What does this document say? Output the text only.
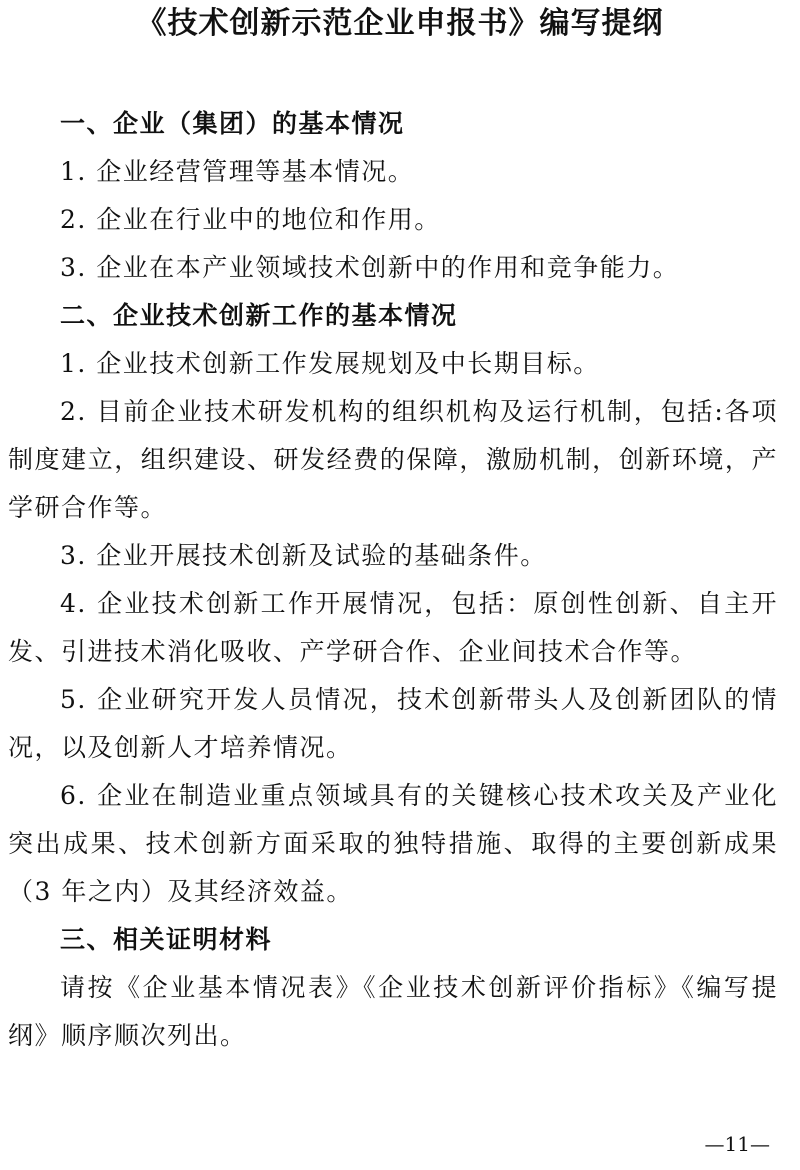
《技术创新示范企业申报书》编写提纲

一、企业（集团）的基本情况

1. 企业经营管理等基本情况。

2. 企业在行业中的地位和作用。

3. 企业在本产业领域技术创新中的作用和竞争能力。

二、企业技术创新工作的基本情况

1. 企业技术创新工作发展规划及中长期目标。

2. 目前企业技术研发机构的组织机构及运行机制，包括:各项制度建立，组织建设、研发经费的保障，激励机制，创新环境，产学研合作等。

3. 企业开展技术创新及试验的基础条件。

4. 企业技术创新工作开展情况，包括：原创性创新、自主开发、引进技术消化吸收、产学研合作、企业间技术合作等。

5. 企业研究开发人员情况，技术创新带头人及创新团队的情况，以及创新人才培养情况。

6. 企业在制造业重点领域具有的关键核心技术攻关及产业化突出成果、技术创新方面采取的独特措施、取得的主要创新成果（3 年之内）及其经济效益。

三、相关证明材料

请按《企业基本情况表》《企业技术创新评价指标》《编写提纲》顺序顺次列出。

—11—
